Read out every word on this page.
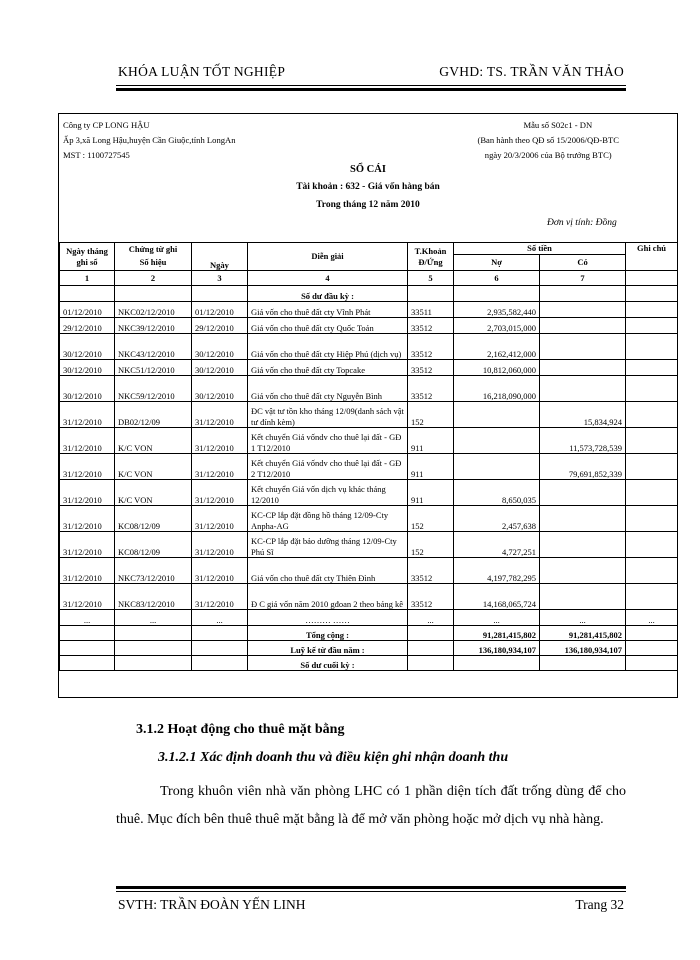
KHÓA LUẬN TỐT NGHIỆP	GVHD: TS. TRẦN VĂN THẢO
Công ty CP LONG HẬU
Ấp 3,xã Long Hậu,huyện Cần Giuộc,tỉnh LongAn
MST : 1100727545
Mẫu số S02c1 - DN
(Ban hành theo QĐ số 15/2006/QĐ-BTC
ngày 20/3/2006 của Bộ trưởng BTC)
SỔ CÁI
Tài khoản : 632 - Giá vốn hàng bán
Trong tháng 12 năm 2010
Đơn vị tính: Đồng
Ngày tháng ghi sổ	Chứng từ ghi	Ngày	Diễn giải	T.Khoản Đ/Ứng	Số tiền		Ghi chú
	Số hiệu				Nợ	Có	
1	2	3	4	5	6	7	
			Số dư đầu kỳ :				
01/12/2010	NKC02/12/2010	01/12/2010	Giá vốn cho thuê đất cty Vĩnh Phát	33511	2,935,582,440		
29/12/2010	NKC39/12/2010	29/12/2010	Giá vốn cho thuê đất cty Quốc Toản	33512	2,703,015,000		
30/12/2010	NKC43/12/2010	30/12/2010	Giá vốn cho thuê đất cty Hiệp Phú (dịch vụ)	33512	2,162,412,000		
30/12/2010	NKC51/12/2010	30/12/2010	Giá vốn cho thuê đất cty Topcake	33512	10,812,060,000		
30/12/2010	NKC59/12/2010	30/12/2010	Giá vốn cho thuê đất cty Nguyễn Bình	33512	16,218,090,000		
31/12/2010	DB02/12/09	31/12/2010	ĐC vật tư tồn kho tháng 12/09(danh sách vật tư đính kèm)	152		15,834,924	
31/12/2010	K/C VON	31/12/2010	Kết chuyển Giá vốndv cho thuê lại đất - GĐ 1 T12/2010	911		11,573,728,539	
31/12/2010	K/C VON	31/12/2010	Kết chuyển Giá vốndv cho thuê lại đất - GĐ 2 T12/2010	911		79,691,852,339	
31/12/2010	K/C VON	31/12/2010	Kết chuyển Giá vốn dịch vụ khác tháng 12/2010	911	8,650,035		
31/12/2010	KC08/12/09	31/12/2010	KC-CP lắp đặt đồng hồ tháng 12/09-Cty Anpha-AG	152	2,457,638		
31/12/2010	KC08/12/09	31/12/2010	KC-CP lắp đặt bảo dưỡng tháng 12/09-Cty Phú Sĩ	152	4,727,251		
31/12/2010	NKC73/12/2010	31/12/2010	Giá vốn cho thuê đất cty Thiên Đình	33512	4,197,782,295		
31/12/2010	NKC83/12/2010	31/12/2010	Đ C giá vốn năm 2010 gđoan 2 theo bảng kê	33512	14,168,065,724		
...	...	...	……… ……	...	...	...	...
			Tổng cộng :		91,281,415,802	91,281,415,802	
			Luỹ kế từ đầu năm :		136,180,934,107	136,180,934,107	
			Số dư cuối kỳ :				
3.1.2 Hoạt động cho thuê mặt bằng
3.1.2.1 Xác định doanh thu và điều kiện ghi nhận doanh thu
Trong khuôn viên nhà văn phòng LHC có 1 phần diện tích đất trống dùng để cho thuê. Mục đích bên thuê thuê mặt bằng là để mở văn phòng hoặc mở dịch vụ nhà hàng.
SVTH: TRẦN ĐOÀN YẾN LINH	Trang 32
